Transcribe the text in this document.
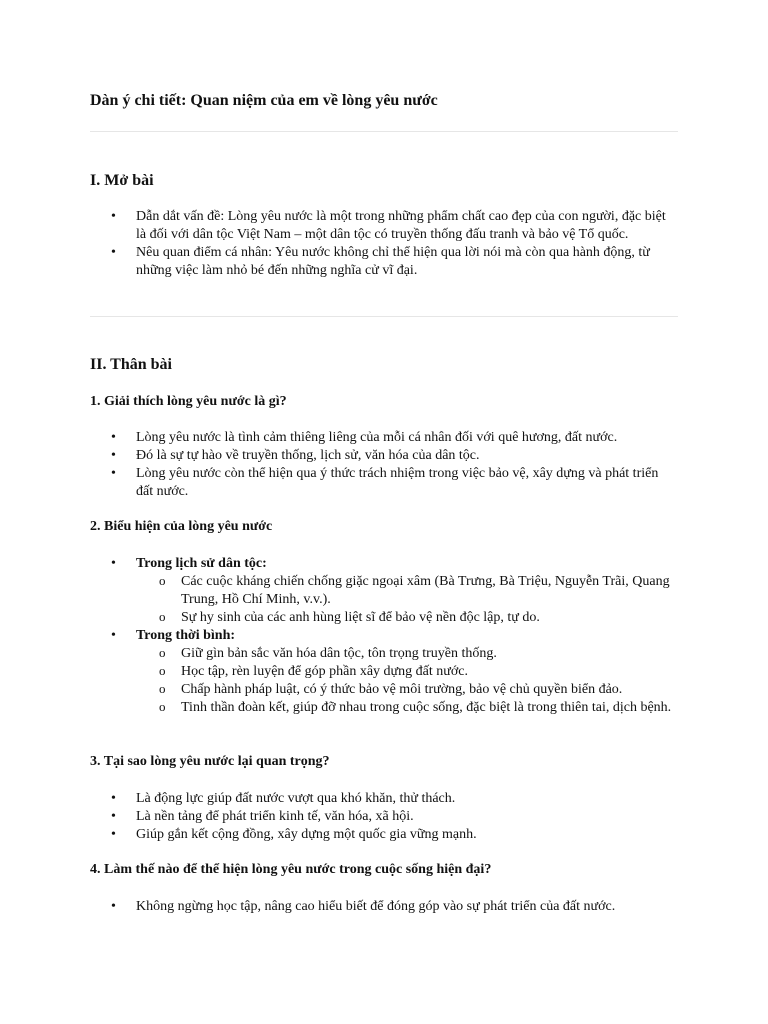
Dàn ý chi tiết: Quan niệm của em về lòng yêu nước
I. Mở bài
• Dẫn dắt vấn đề: Lòng yêu nước là một trong những phẩm chất cao đẹp của con người, đặc biệt là đối với dân tộc Việt Nam – một dân tộc có truyền thống đấu tranh và bảo vệ Tổ quốc.
• Nêu quan điểm cá nhân: Yêu nước không chỉ thể hiện qua lời nói mà còn qua hành động, từ những việc làm nhỏ bé đến những nghĩa cử vĩ đại.
II. Thân bài
1. Giải thích lòng yêu nước là gì?
• Lòng yêu nước là tình cảm thiêng liêng của mỗi cá nhân đối với quê hương, đất nước.
• Đó là sự tự hào về truyền thống, lịch sử, văn hóa của dân tộc.
• Lòng yêu nước còn thể hiện qua ý thức trách nhiệm trong việc bảo vệ, xây dựng và phát triển đất nước.
2. Biểu hiện của lòng yêu nước
• Trong lịch sử dân tộc:
o Các cuộc kháng chiến chống giặc ngoại xâm (Bà Trưng, Bà Triệu, Nguyễn Trãi, Quang Trung, Hồ Chí Minh, v.v.).
o Sự hy sinh của các anh hùng liệt sĩ để bảo vệ nền độc lập, tự do.
• Trong thời bình:
o Giữ gìn bản sắc văn hóa dân tộc, tôn trọng truyền thống.
o Học tập, rèn luyện để góp phần xây dựng đất nước.
o Chấp hành pháp luật, có ý thức bảo vệ môi trường, bảo vệ chủ quyền biển đảo.
o Tinh thần đoàn kết, giúp đỡ nhau trong cuộc sống, đặc biệt là trong thiên tai, dịch bệnh.
3. Tại sao lòng yêu nước lại quan trọng?
• Là động lực giúp đất nước vượt qua khó khăn, thử thách.
• Là nền tảng để phát triển kinh tế, văn hóa, xã hội.
• Giúp gắn kết cộng đồng, xây dựng một quốc gia vững mạnh.
4. Làm thế nào để thể hiện lòng yêu nước trong cuộc sống hiện đại?
• Không ngừng học tập, nâng cao hiểu biết để đóng góp vào sự phát triển của đất nước.
